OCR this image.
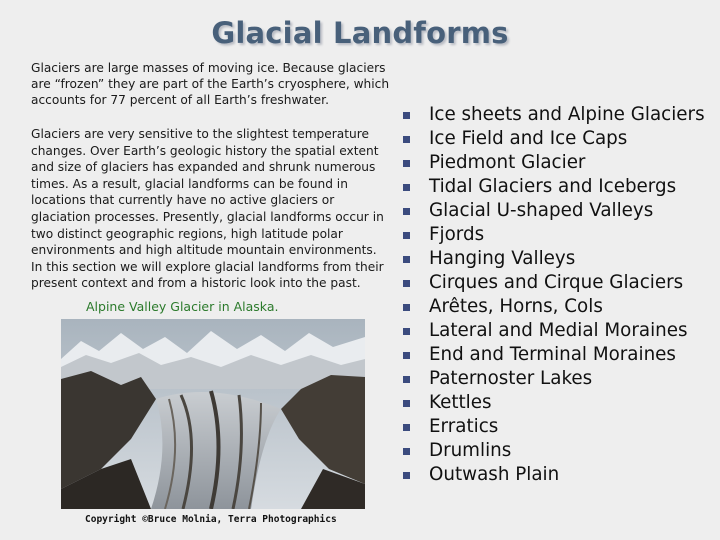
Glacial Landforms

Glaciers are large masses of moving ice. Because glaciers are “frozen” they are part of the Earth’s cryosphere, which accounts for 77 percent of all Earth’s freshwater.

Glaciers are very sensitive to the slightest temperature changes. Over Earth’s geologic history the spatial extent and size of glaciers has expanded and shrunk numerous times. As a result, glacial landforms can be found in locations that currently have no active glaciers or glaciation processes. Presently, glacial landforms occur in two distinct geographic regions, high latitude polar environments and high altitude mountain environments. In this section we will explore glacial landforms from their present context and from a historic look into the past.

Alpine Valley Glacier in Alaska.
Copyright ©Bruce Molnia, Terra Photographics
Ice sheets and Alpine Glaciers
Ice Field and Ice Caps
Piedmont Glacier
Tidal Glaciers and Icebergs
Glacial U-shaped Valleys
Fjords
Hanging Valleys
Cirques and Cirque Glaciers
Arêtes, Horns, Cols
Lateral and Medial Moraines
End and Terminal Moraines
Paternoster Lakes
Kettles
Erratics
Drumlins
Outwash Plain
